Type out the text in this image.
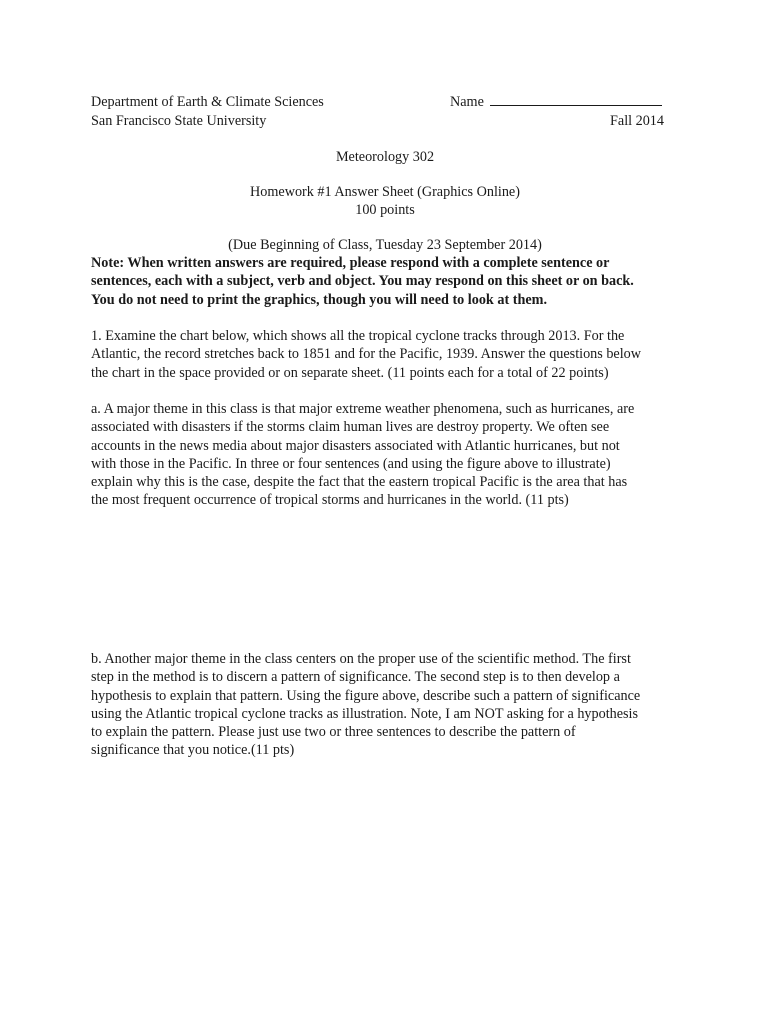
Department of Earth & Climate Sciences	Name
San Francisco State University	Fall 2014
Meteorology 302
Homework #1 Answer Sheet (Graphics Online)
100 points
(Due Beginning of Class, Tuesday 23 September 2014)

Note: When written answers are required, please respond with a complete sentence or

sentences, each with a subject, verb and object. You may respond on this sheet or on back.

You do not need to print the graphics, though you will need to look at them.

1. Examine the chart below, which shows all the tropical cyclone tracks through 2013. For the

Atlantic, the record stretches back to 1851 and for the Pacific, 1939. Answer the questions below

the chart in the space provided or on separate sheet. (11 points each for a total of 22 points)

a. A major theme in this class is that major extreme weather phenomena, such as hurricanes, are

associated with disasters if the storms claim human lives are destroy property. We often see

accounts in the news media about major disasters associated with Atlantic hurricanes, but not

with those in the Pacific. In three or four sentences (and using the figure above to illustrate)

explain why this is the case, despite the fact that the eastern tropical Pacific is the area that has

the most frequent occurrence of tropical storms and hurricanes in the world. (11 pts)

b. Another major theme in the class centers on the proper use of the scientific method. The first

step in the method is to discern a pattern of significance. The second step is to then develop a

hypothesis to explain that pattern. Using the figure above, describe such a pattern of significance

using the Atlantic tropical cyclone tracks as illustration. Note, I am NOT asking for a hypothesis

to explain the pattern. Please just use two or three sentences to describe the pattern of

significance that you notice.(11 pts)
